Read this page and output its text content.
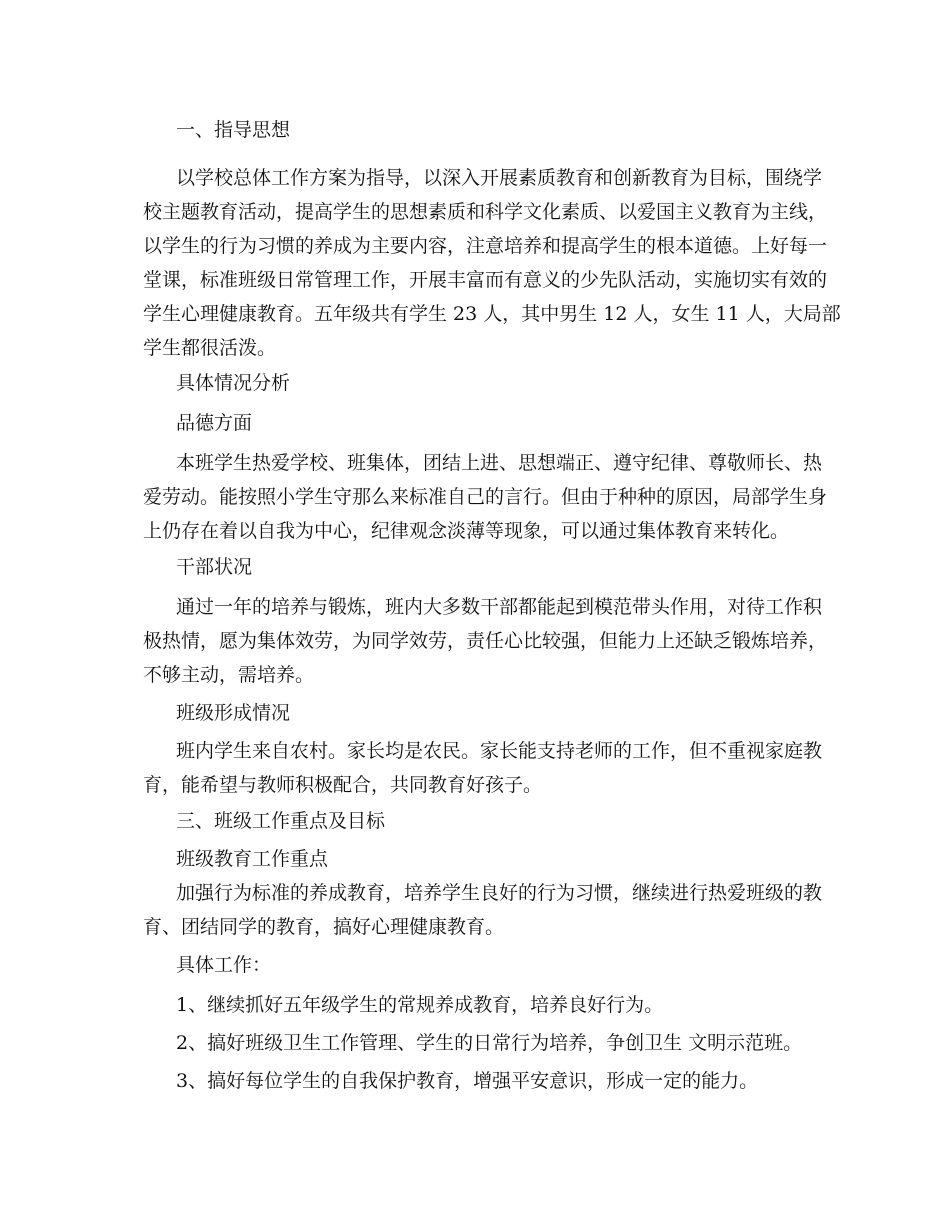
一、指导思想
以学校总体工作方案为指导，以深入开展素质教育和创新教育为目标，围绕学
校主题教育活动，提高学生的思想素质和科学文化素质、以爱国主义教育为主线，
以学生的行为习惯的养成为主要内容，注意培养和提高学生的根本道德。上好每一
堂课，标准班级日常管理工作，开展丰富而有意义的少先队活动，实施切实有效的
学生心理健康教育。五年级共有学生 23 人，其中男生 12 人，女生 11 人，大局部
学生都很活泼。
具体情况分析
品德方面
本班学生热爱学校、班集体，团结上进、思想端正、遵守纪律、尊敬师长、热
爱劳动。能按照小学生守那么来标准自己的言行。但由于种种的原因，局部学生身
上仍存在着以自我为中心，纪律观念淡薄等现象，可以通过集体教育来转化。
干部状况
通过一年的培养与锻炼，班内大多数干部都能起到模范带头作用，对待工作积
极热情，愿为集体效劳，为同学效劳，责任心比较强，但能力上还缺乏锻炼培养，
不够主动，需培养。
班级形成情况
班内学生来自农村。家长均是农民。家长能支持老师的工作，但不重视家庭教
育，能希望与教师积极配合，共同教育好孩子。
三、班级工作重点及目标
班级教育工作重点
加强行为标准的养成教育，培养学生良好的行为习惯，继续进行热爱班级的教
育、团结同学的教育，搞好心理健康教育。
具体工作：
1、继续抓好五年级学生的常规养成教育，培养良好行为。
2、搞好班级卫生工作管理、学生的日常行为培养，争创卫生 文明示范班。
3、搞好每位学生的自我保护教育，增强平安意识，形成一定的能力。
